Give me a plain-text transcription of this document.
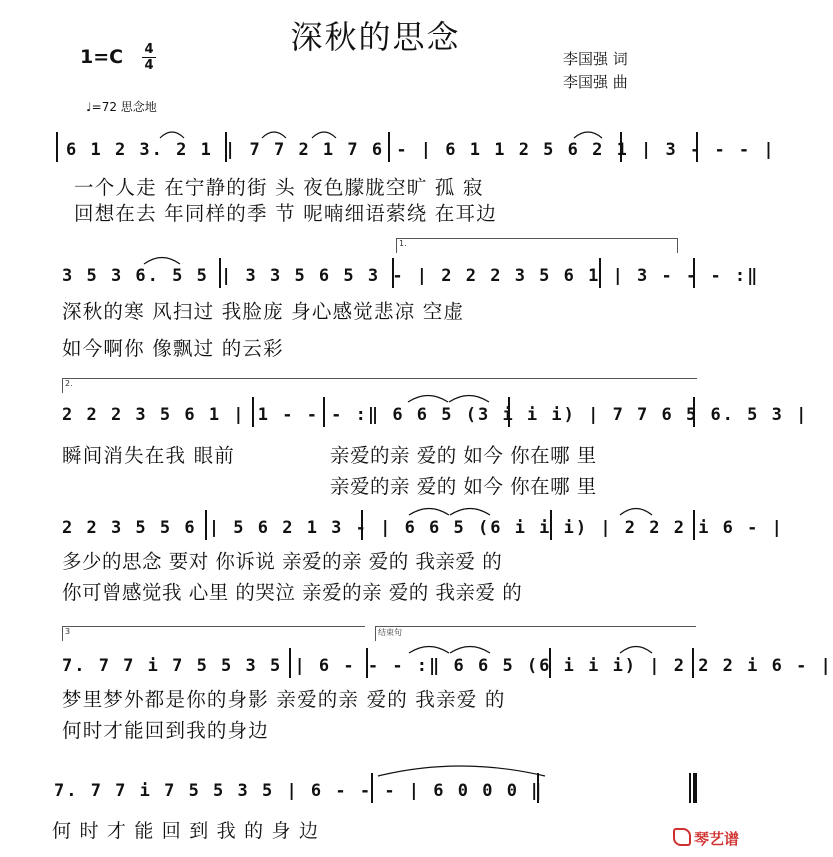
深秋的思念
1=C 4
4	李国强 词
李国强 曲
♩=72 思念地
6 1 2 3. 2 1 | 7 7 2 1 7 6 - | 6 1 1 2 5 6 2 1 | 3 - - - |
一个人走 在宁静的街 头 夜色朦胧空旷 孤 寂
回想在去 年同样的季 节 呢喃细语萦绕 在耳边
1.
3 5 3 6. 5 5 | 3 3 5 6 5 3 - | 2 2 2 3 5 6 1 | 3 - - - :‖
深秋的寒 风扫过 我脸庞 身心感觉悲凉 空虚
如今啊你 像飘过 的云彩
2.
2 2 2 3 5 6 1 | 1 - - - :‖ 6 6 5 (3 i i i) | 7 7 6 5 6. 5 3 |
瞬间消失在我 眼前	亲爱的亲 爱的 如今 你在哪 里
亲爱的亲 爱的 如今 你在哪 里
2 2 3 5 5 6 | 5 6 2 1 3 - | 6 6 5 (6 i i i) | 2 2 2 i 6 - |
多少的思念 要对 你诉说 亲爱的亲 爱的 我亲爱 的
你可曾感觉我 心里 的哭泣 亲爱的亲 爱的 我亲爱 的
3	结束句
7. 7 7 i 7 5 5 3 5 | 6 - - - :‖ 6 6 5 (6 i i i) | 2 2 2 i 6 - |
梦里梦外都是你的身影 亲爱的亲 爱的 我亲爱 的
何时才能回到我的身边
7. 7 7 i 7 5 5 3 5 | 6 - - - | 6 0 0 0 ‖
何 时 才 能 回 到 我 的 身 边	琴艺谱
